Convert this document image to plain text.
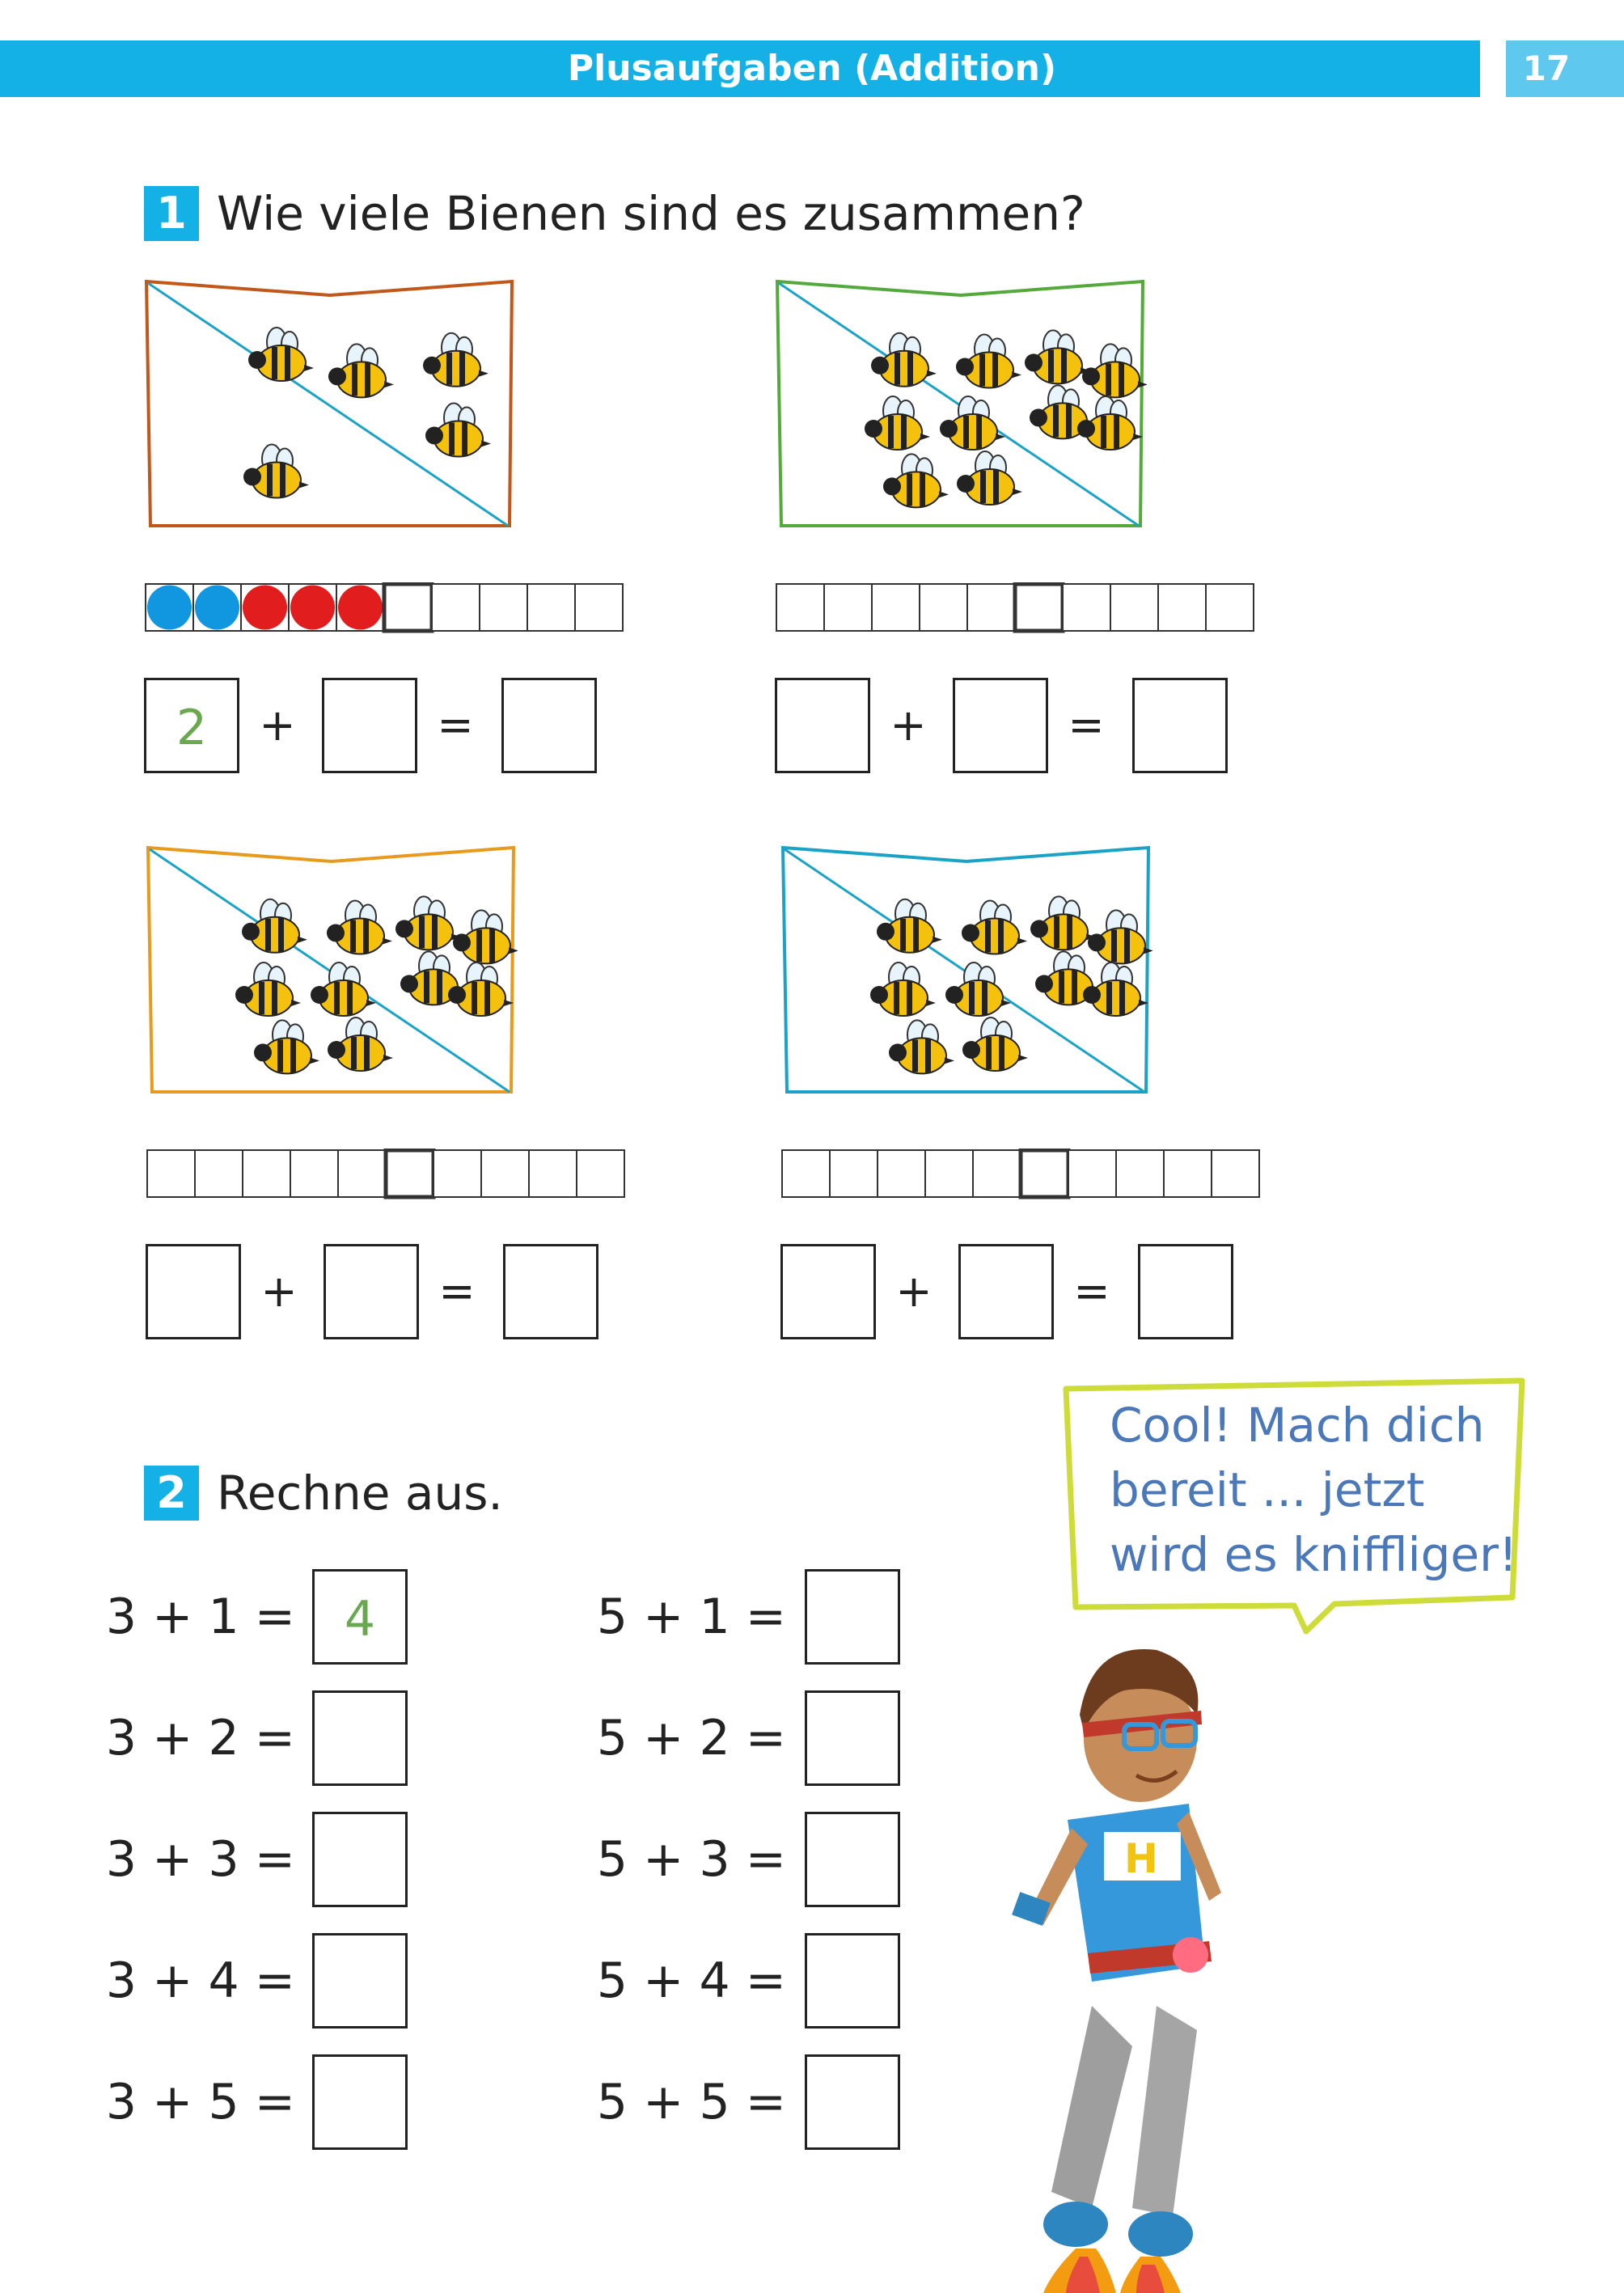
Plusaufgaben (Addition)	17
1 Wie viele Bienen sind es zusammen?
2	+	=	+	=
+	=	+	=
2 Rechne aus.
3 + 1 =	4
3 + 2 =
3 + 3 =
3 + 4 =
3 + 5 =
5 + 1 =
5 + 2 =
5 + 3 =
5 + 4 =
5 + 5 =
Cool! Mach dich
bereit ... jetzt
wird es kniffliger!
H
